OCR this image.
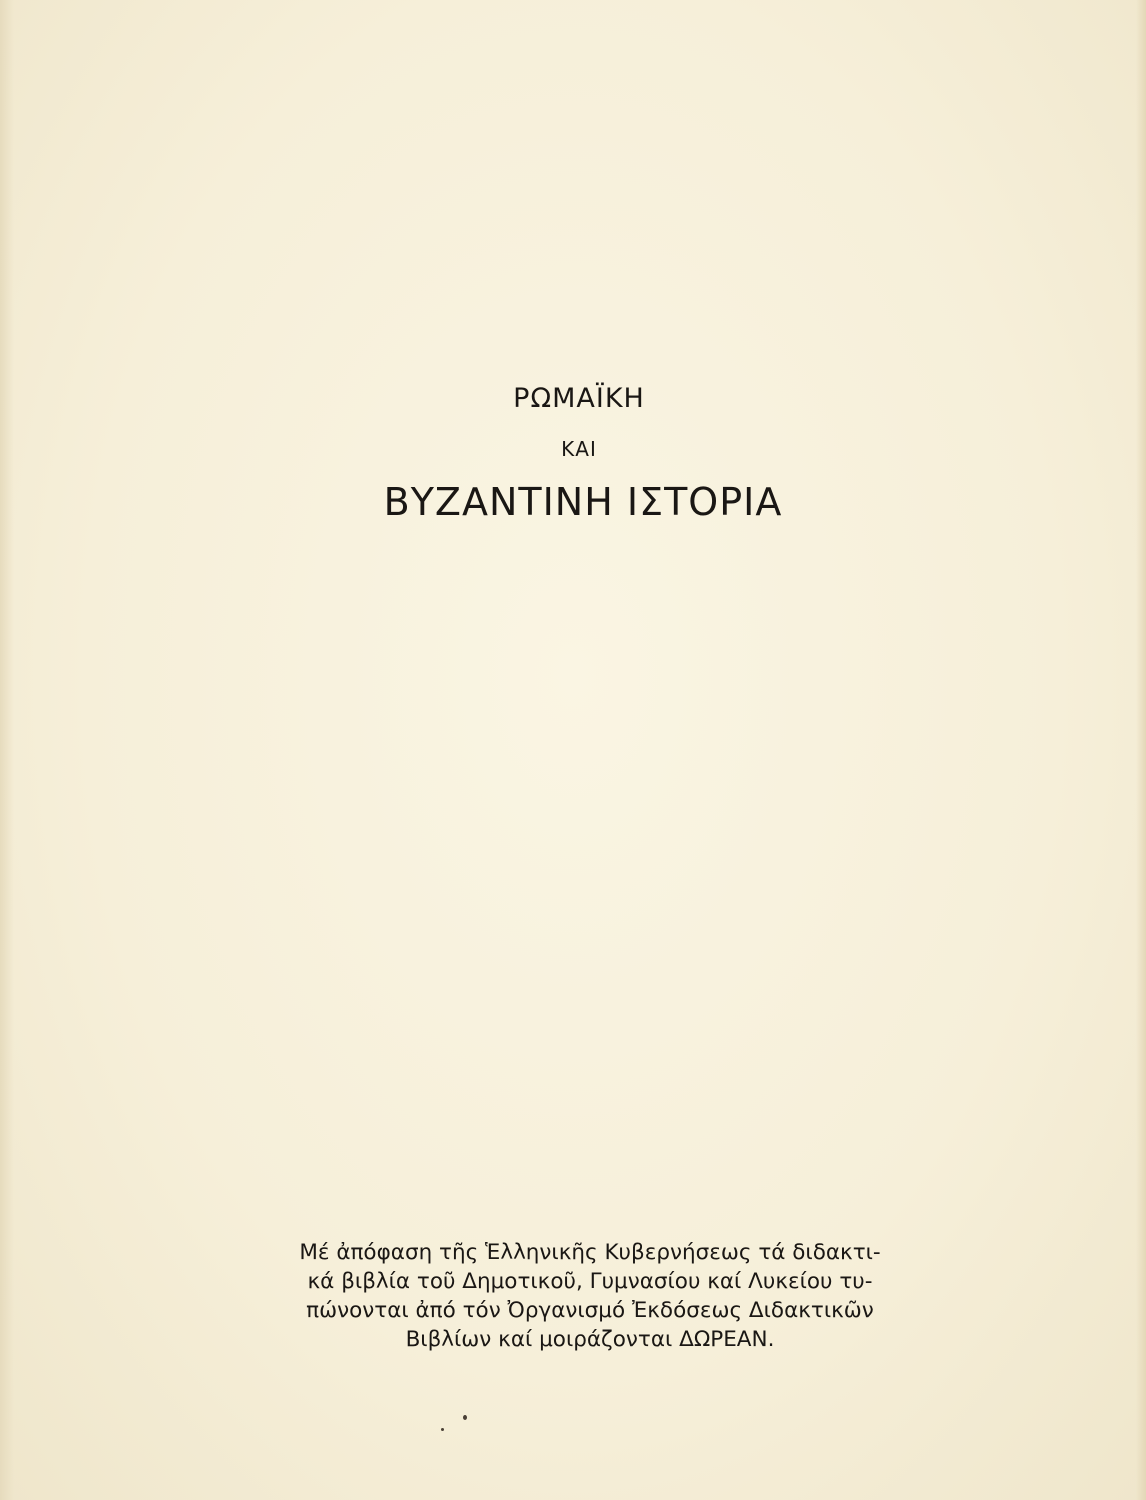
ΡΩΜΑΪΚΗ
ΚΑΙ
ΒΥΖΑΝΤΙΝΗ ΙΣΤΟΡΙΑ
Μέ ἀπόφαση τῆς Ἑλληνικῆς Κυβερνήσεως τά διδακτι-
κά βιβλία τοῦ Δημοτικοῦ, Γυμνασίου καί Λυκείου τυ-
πώνονται ἀπό τόν Ὀργανισμό Ἐκδόσεως Διδακτικῶν
Βιβλίων καί μοιράζονται ΔΩΡΕΑΝ.
